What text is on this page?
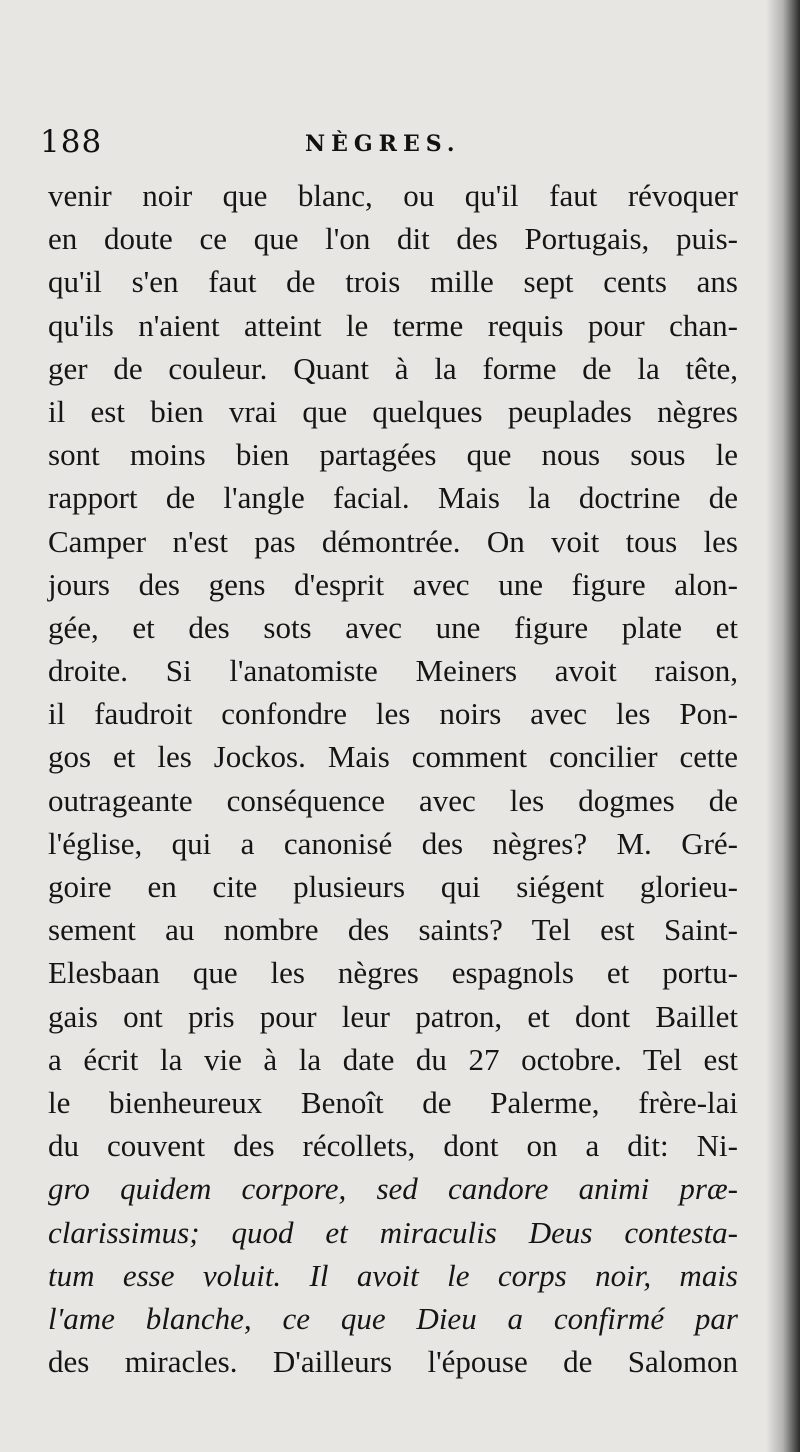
188	NÈGRES.
venir noir que blanc, ou qu'il faut révoquer
en doute ce que l'on dit des Portugais, puis-
qu'il s'en faut de trois mille sept cents ans
qu'ils n'aient atteint le terme requis pour chan-
ger de couleur. Quant à la forme de la tête,
il est bien vrai que quelques peuplades nègres
sont moins bien partagées que nous sous le
rapport de l'angle facial. Mais la doctrine de
Camper n'est pas démontrée. On voit tous les
jours des gens d'esprit avec une figure alon-
gée, et des sots avec une figure plate et
droite. Si l'anatomiste Meiners avoit raison,
il faudroit confondre les noirs avec les Pon-
gos et les Jockos. Mais comment concilier cette
outrageante conséquence avec les dogmes de
l'église, qui a canonisé des nègres? M. Gré-
goire en cite plusieurs qui siégent glorieu-
sement au nombre des saints? Tel est Saint-
Elesbaan que les nègres espagnols et portu-
gais ont pris pour leur patron, et dont Baillet
a écrit la vie à la date du 27 octobre. Tel est
le bienheureux Benoît de Palerme, frère-lai
du couvent des récollets, dont on a dit: Ni-
gro quidem corpore, sed candore animi præ-
clarissimus; quod et miraculis Deus contesta-
tum esse voluit. Il avoit le corps noir, mais
l'ame blanche, ce que Dieu a confirmé par
des miracles. D'ailleurs l'épouse de Salomon
